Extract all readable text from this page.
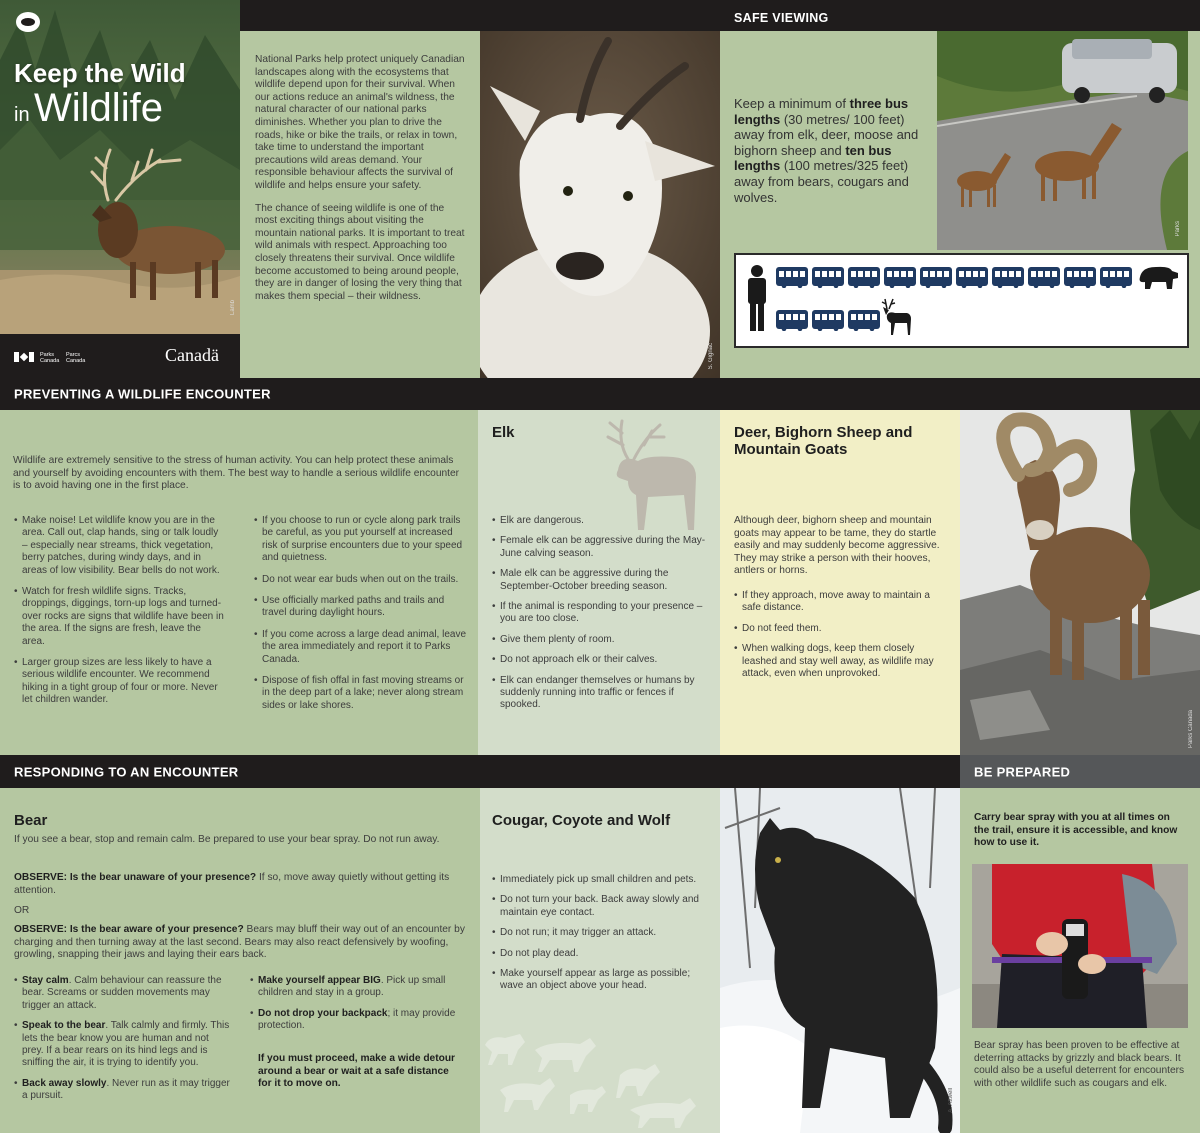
SAFE VIEWING
Keep the Wild
in Wildlife
Lamb
Parks Canada
Parcs Canada	Canadä

National Parks help protect uniquely Canadian landscapes along with the ecosystems that wildlife depend upon for their survival. When our actions reduce an animal's wildness, the natural character of our national parks diminishes. Whether you plan to drive the roads, hike or bike the trails, or relax in town, take time to understand the important precautions wild areas demand. Your responsible behaviour affects the survival of wildlife and helps ensure your safety.

The chance of seeing wildlife is one of the most exciting things about visiting the mountain national parks. It is important to treat wild animals with respect. Approaching too closely threatens their survival. Once wildlife become accustomed to being around people, they are in danger of losing the very thing that makes them special – their wildness.

S. Gignac
Keep a minimum of three bus lengths (30 metres/ 100 feet) away from elk, deer, moose and bighorn sheep and ten bus lengths (100 metres/325 feet) away from bears, cougars and wolves.
Parks
PREVENTING A WILDLIFE ENCOUNTER
Wildlife are extremely sensitive to the stress of human activity. You can help protect these animals and yourself by avoiding encounters with them. The best way to handle a serious wildlife encounter is to avoid having one in the first place.
• Make noise! Let wildlife know you are in the area. Call out, clap hands, sing or talk loudly – especially near streams, thick vegetation, berry patches, during windy days, and in areas of low visibility. Bear bells do not work.
• Watch for fresh wildlife signs. Tracks, droppings, diggings, torn-up logs and turned-over rocks are signs that wildlife have been in the area. If the signs are fresh, leave the area.
• Larger group sizes are less likely to have a serious wildlife encounter. We recommend hiking in a tight group of four or more. Never let children wander.
• If you choose to run or cycle along park trails be careful, as you put yourself at increased risk of surprise encounters due to your speed and quietness.
• Do not wear ear buds when out on the trails.
• Use officially marked paths and trails and travel during daylight hours.
• If you come across a large dead animal, leave the area immediately and report it to Parks Canada.
• Dispose of fish offal in fast moving streams or in the deep part of a lake; never along stream sides or lake shores.
Elk
• Elk are dangerous.
• Female elk can be aggressive during the May-June calving season.
• Male elk can be aggressive during the September-October breeding season.
• If the animal is responding to your presence – you are too close.
• Give them plenty of room.
• Do not approach elk or their calves.
• Elk can endanger themselves or humans by suddenly running into traffic or fences if spooked.
Deer, Bighorn Sheep and Mountain Goats
Although deer, bighorn sheep and mountain goats may appear to be tame, they do startle easily and may suddenly become aggressive. They may strike a person with their hooves, antlers or horns.
• If they approach, move away to maintain a safe distance.
• Do not feed them.
• When walking dogs, keep them closely leashed and stay well away, as wildlife may attack, even when unprovoked.
Parks Canada
RESPONDING TO AN ENCOUNTER	BE PREPARED
Bear
If you see a bear, stop and remain calm. Be prepared to use your bear spray. Do not run away.
OBSERVE: Is the bear unaware of your presence? If so, move away quietly without getting its attention.
OR
OBSERVE: Is the bear aware of your presence? Bears may bluff their way out of an encounter by charging and then turning away at the last second. Bears may also react defensively by woofing, growling, snapping their jaws and laying their ears back.
• Stay calm. Calm behaviour can reassure the bear. Screams or sudden movements may trigger an attack.
• Speak to the bear. Talk calmly and firmly. This lets the bear know you are human and not prey. If a bear rears on its hind legs and is sniffing the air, it is trying to identify you.
• Back away slowly. Never run as it may trigger a pursuit.
• Make yourself appear BIG. Pick up small children and stay in a group.
• Do not drop your backpack; it may provide protection.
If you must proceed, make a wide detour around a bear or wait at a safe distance for it to move on.
Cougar, Coyote and Wolf
• Immediately pick up small children and pets.
• Do not turn your back. Back away slowly and maintain eye contact.
• Do not run; it may trigger an attack.
• Do not play dead.
• Make yourself appear as large as possible; wave an object above your head.
A. Attwell
Carry bear spray with you at all times on the trail, ensure it is accessible, and know how to use it.
Bear spray has been proven to be effective at deterring attacks by grizzly and black bears. It could also be a useful deterrent for encounters with other wildlife such as cougars and elk.
